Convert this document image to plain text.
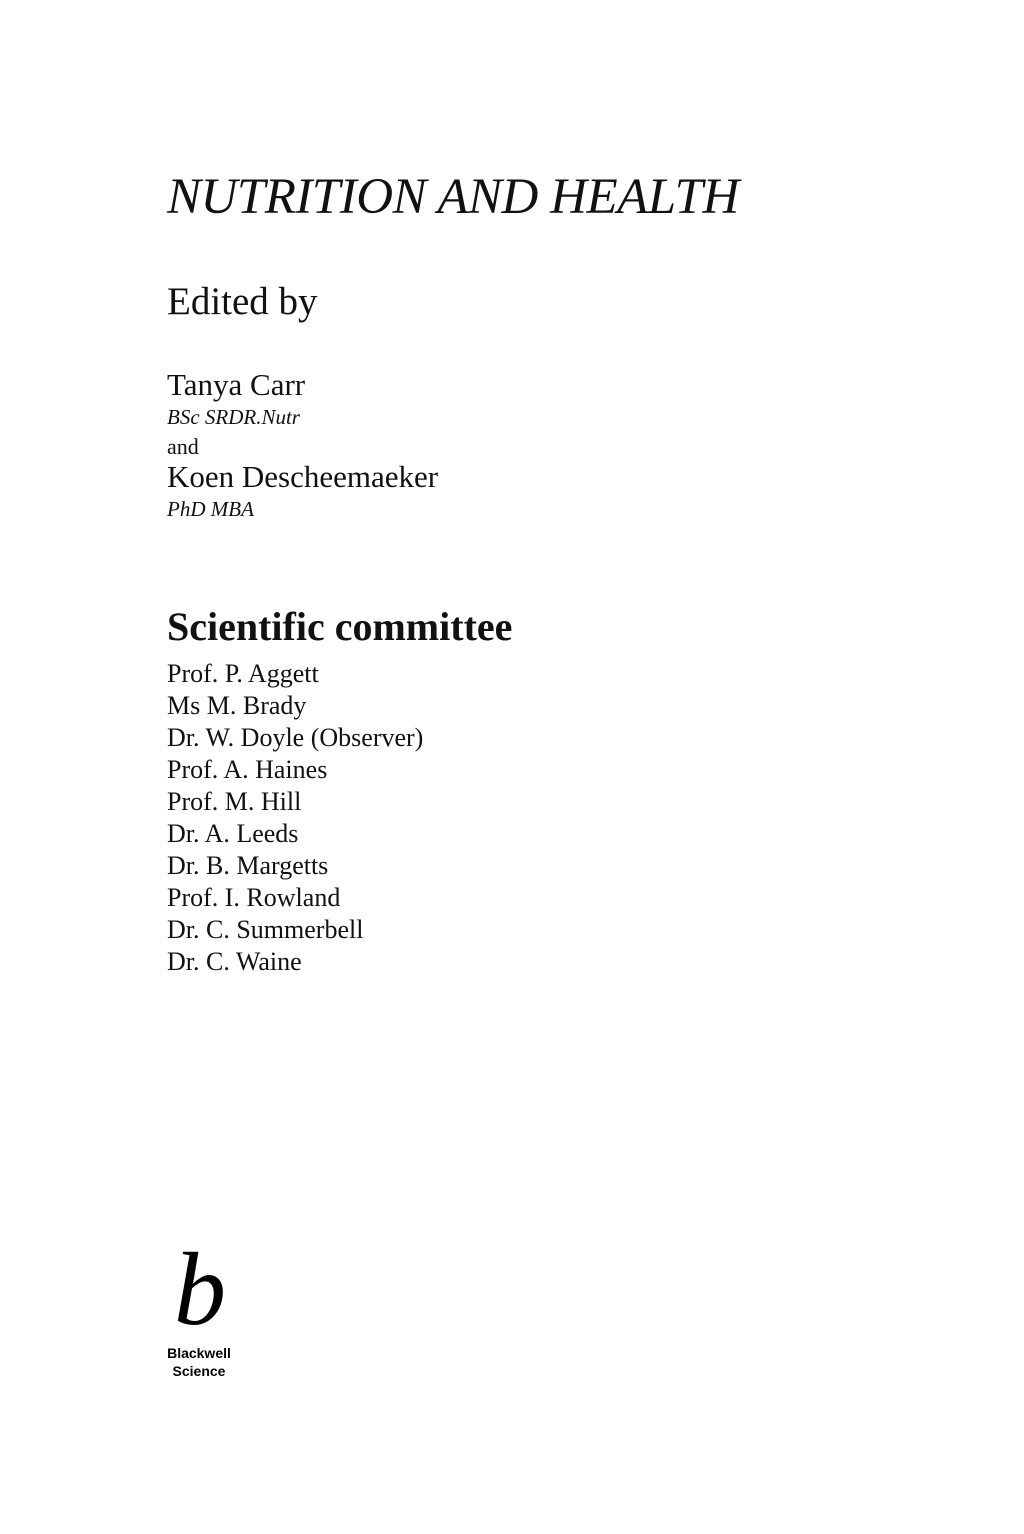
NUTRITION AND HEALTH
Edited by
Tanya Carr
BSc SRDR.Nutr
and
Koen Descheemaeker
PhD MBA
Scientific committee
Prof. P. Aggett
Ms M. Brady
Dr. W. Doyle (Observer)
Prof. A. Haines
Prof. M. Hill
Dr. A. Leeds
Dr. B. Margetts
Prof. I. Rowland
Dr. C. Summerbell
Dr. C. Waine
b
Blackwell
Science
